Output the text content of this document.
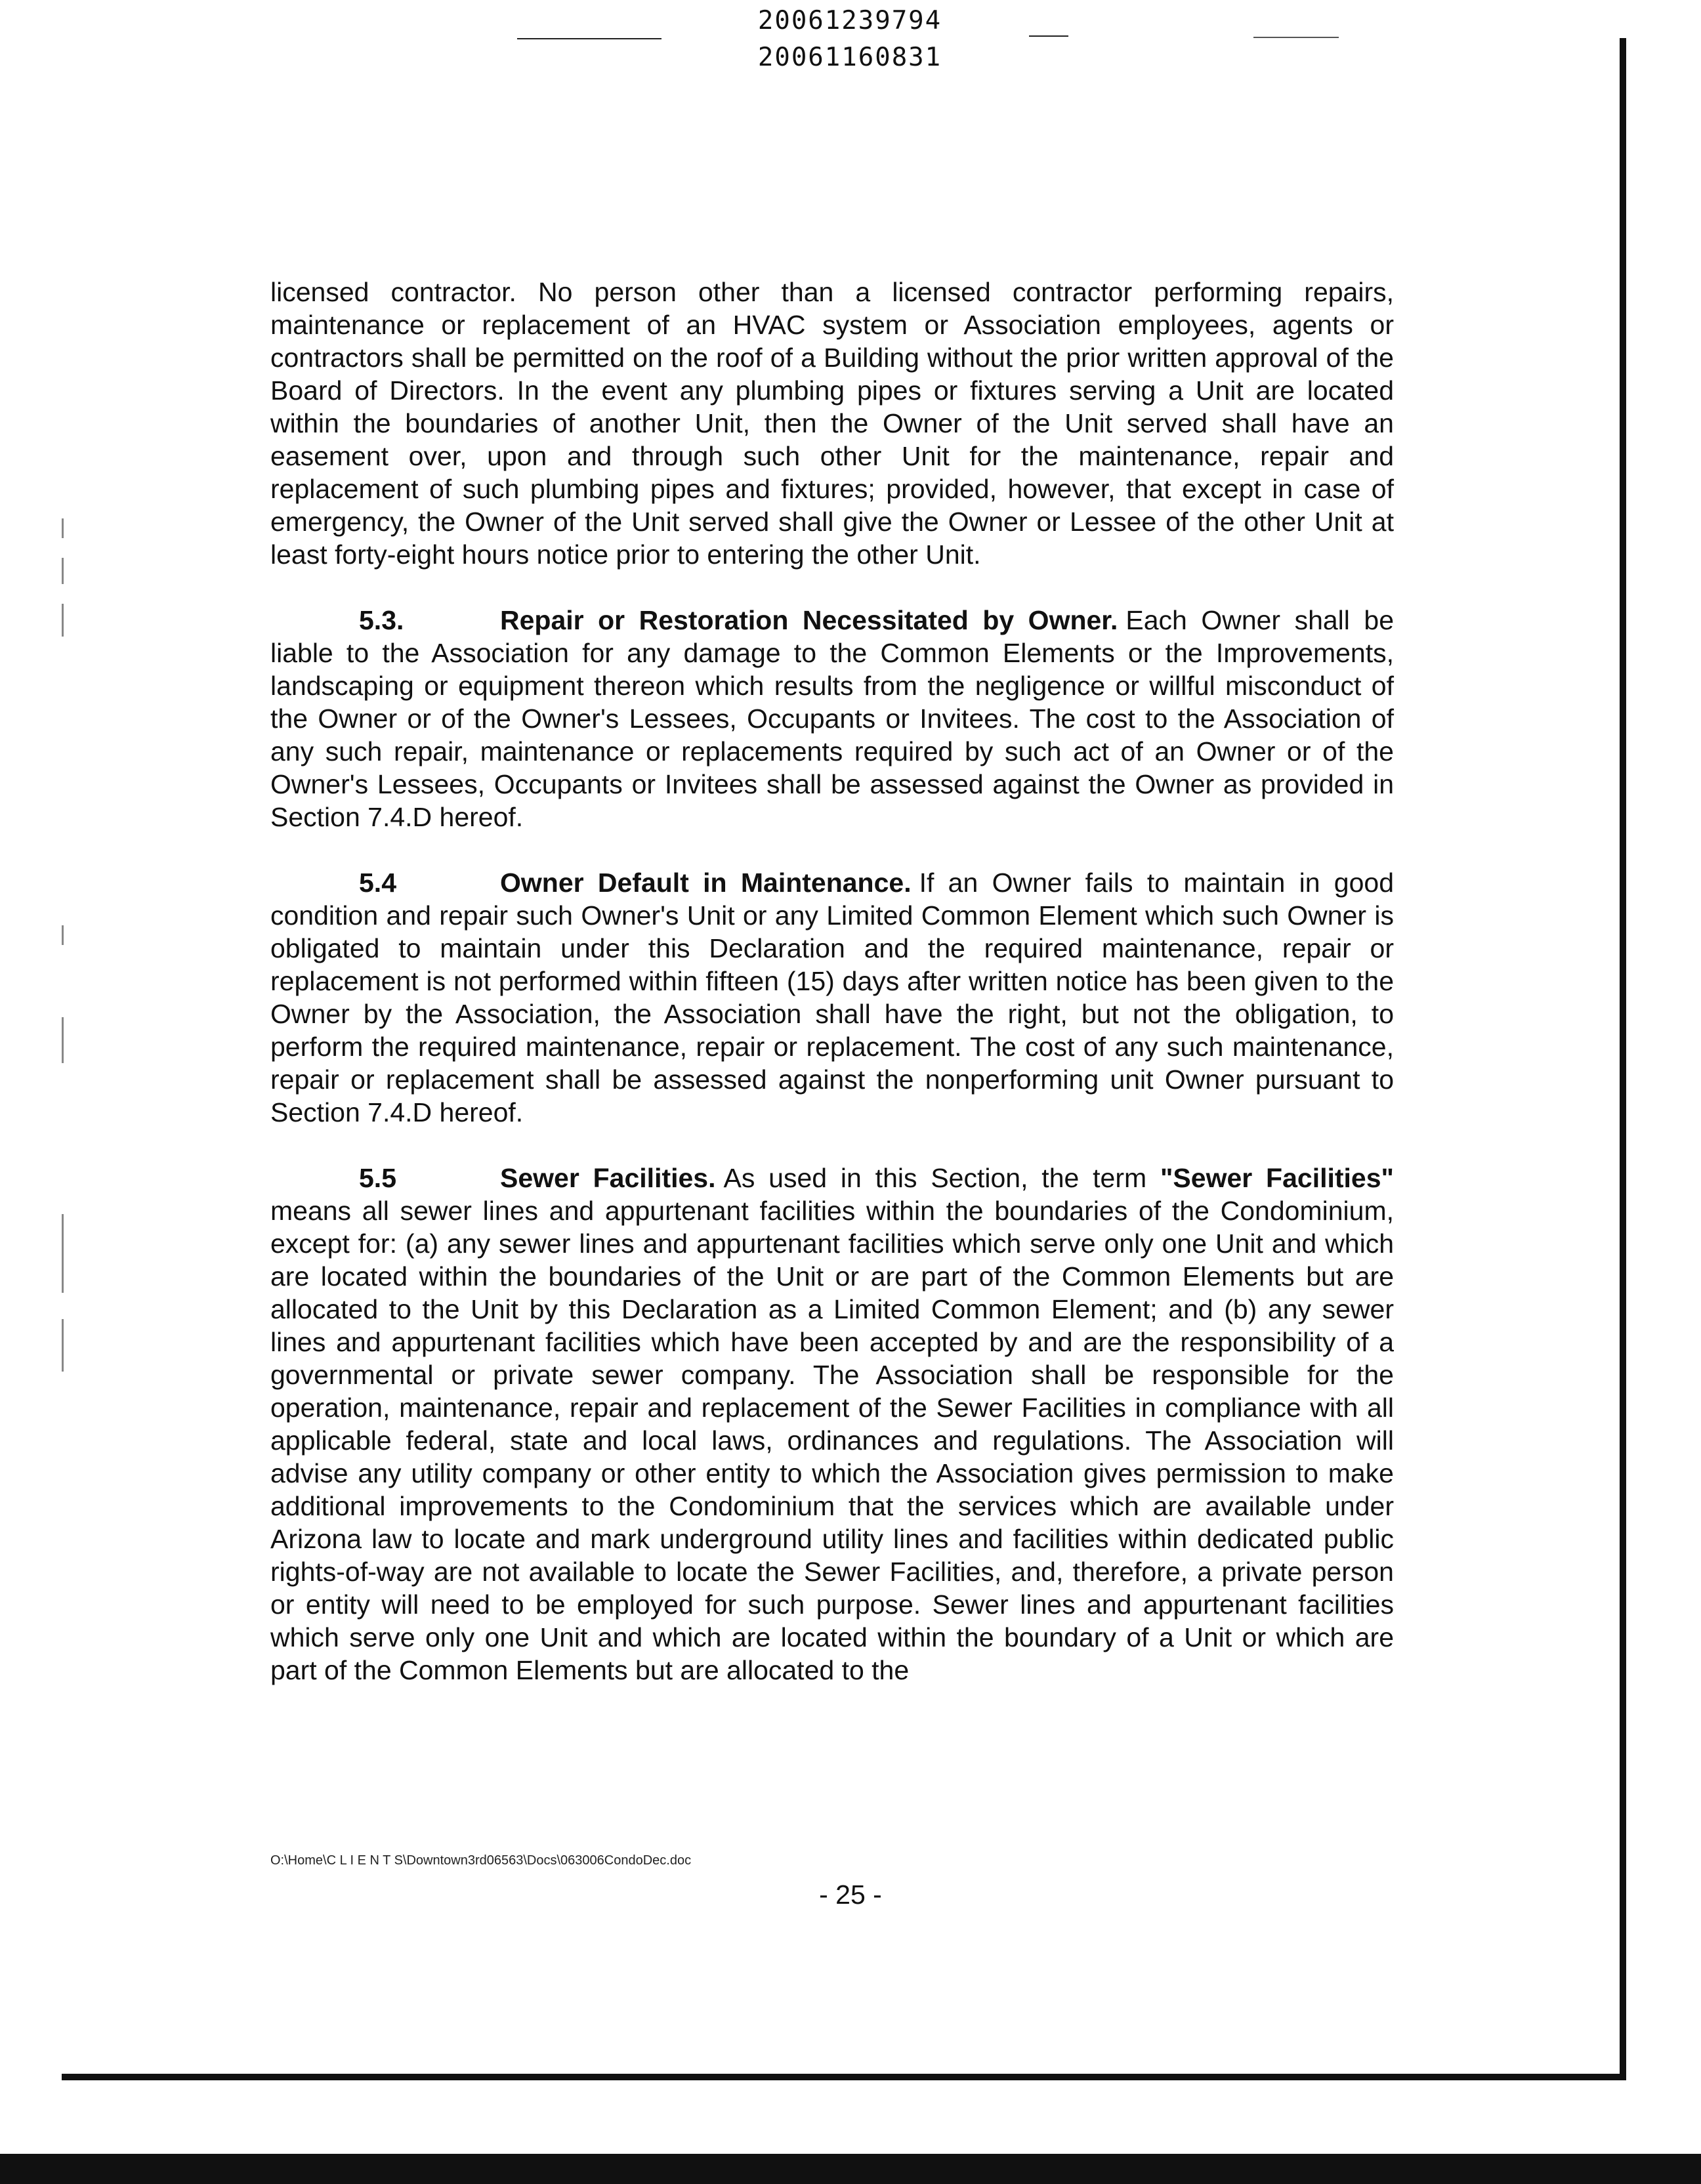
20061239794
20061160831

licensed contractor. No person other than a licensed contractor performing repairs, maintenance or replacement of an HVAC system or Association employees, agents or contractors shall be permitted on the roof of a Building without the prior written approval of the Board of Directors. In the event any plumbing pipes or fixtures serving a Unit are located within the boundaries of another Unit, then the Owner of the Unit served shall have an easement over, upon and through such other Unit for the maintenance, repair and replacement of such plumbing pipes and fixtures; provided, however, that except in case of emergency, the Owner of the Unit served shall give the Owner or Lessee of the other Unit at least forty-eight hours notice prior to entering the other Unit.

5.3.	Repair or Restoration Necessitated by Owner. Each Owner shall be liable to the Association for any damage to the Common Elements or the Improvements, landscaping or equipment thereon which results from the negligence or willful misconduct of the Owner or of the Owner's Lessees, Occupants or Invitees. The cost to the Association of any such repair, maintenance or replacements required by such act of an Owner or of the Owner's Lessees, Occupants or Invitees shall be assessed against the Owner as provided in Section 7.4.D hereof.

5.4	Owner Default in Maintenance. If an Owner fails to maintain in good condition and repair such Owner's Unit or any Limited Common Element which such Owner is obligated to maintain under this Declaration and the required maintenance, repair or replacement is not performed within fifteen (15) days after written notice has been given to the Owner by the Association, the Association shall have the right, but not the obligation, to perform the required maintenance, repair or replacement. The cost of any such maintenance, repair or replacement shall be assessed against the nonperforming unit Owner pursuant to Section 7.4.D hereof.

5.5	Sewer Facilities. As used in this Section, the term "Sewer Facilities" means all sewer lines and appurtenant facilities within the boundaries of the Condominium, except for: (a) any sewer lines and appurtenant facilities which serve only one Unit and which are located within the boundaries of the Unit or are part of the Common Elements but are allocated to the Unit by this Declaration as a Limited Common Element; and (b) any sewer lines and appurtenant facilities which have been accepted by and are the responsibility of a governmental or private sewer company. The Association shall be responsible for the operation, maintenance, repair and replacement of the Sewer Facilities in compliance with all applicable federal, state and local laws, ordinances and regulations. The Association will advise any utility company or other entity to which the Association gives permission to make additional improvements to the Condominium that the services which are available under Arizona law to locate and mark underground utility lines and facilities within dedicated public rights-of-way are not available to locate the Sewer Facilities, and, therefore, a private person or entity will need to be employed for such purpose. Sewer lines and appurtenant facilities which serve only one Unit and which are located within the boundary of a Unit or which are part of the Common Elements but are allocated to the

O:\Home\C L I E N T S\Downtown3rd06563\Docs\063006CondoDec.doc
- 25 -
